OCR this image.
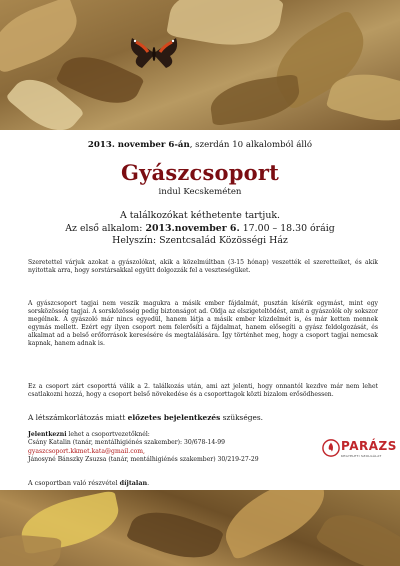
2013. november 6-án, szerdán 10 alkalomból álló
Gyászcsoport
indul Kecskeméten
A találkozókat kéthetente tartjuk.
Az első alkalom: 2013.november 6. 17.00 – 18.30 óráig
Helyszín: Szentcsalád Közösségi Ház
Szeretettel várjuk azokat a gyászolókat, akik a közelmúltban (3-15 hónap) veszették el szeretteiket, és akik nyitottak arra, hogy sorstársakkal együtt dolgozzák fel a veszteségüket.
A gyászcsoport tagjai nem veszik magukra a másik ember fájdalmát, pusztán kísérik egymást, mint egy sorsközösség tagjai. A sorsközösség pedig biztonságot ad. Oldja az elszigeteltödést, amit a gyászolók oly sokszor megélnek. A gyászoló már nincs egyedül, hanem látja a másik ember küzdelmét is, és már ketten mennek egymás mellett. Ezért egy ilyen csoport nem felerősíti a fájdalmat, hanem elősegíti a gyász feldolgozását, és alkalmat ad a belső erőforrások keresésére és megtalálására. Így történhet meg, hogy a csoport tagjai nemcsak kapnak, hanem adnak is.
Ez a csoport zárt csoporttá válik a 2. találkozás után, ami azt jelenti, hogy onnantól kezdve már nem lehet csatlakozni hozzá, hogy a csoport belső növekedése és a csoporttagok közti bizalom erősödhessen.
A létszámkorlátozás miatt előzetes bejelentkezés szükséges.
Jelentkezni lehet a csoportvezetőknél:
Csány Katalin (tanár, mentálhigiénés szakember): 30/678-14-99
gyaszcsoport.kkmet.kata@gmail.com,
Jánosyné Bánszky Zsuzsa (tanár, mentálhigiénés szakember) 30/219-27-29
A csoportban való részvétel díjtalan.
PARÁZS
KEGYELETI SZOLGÁLAT
